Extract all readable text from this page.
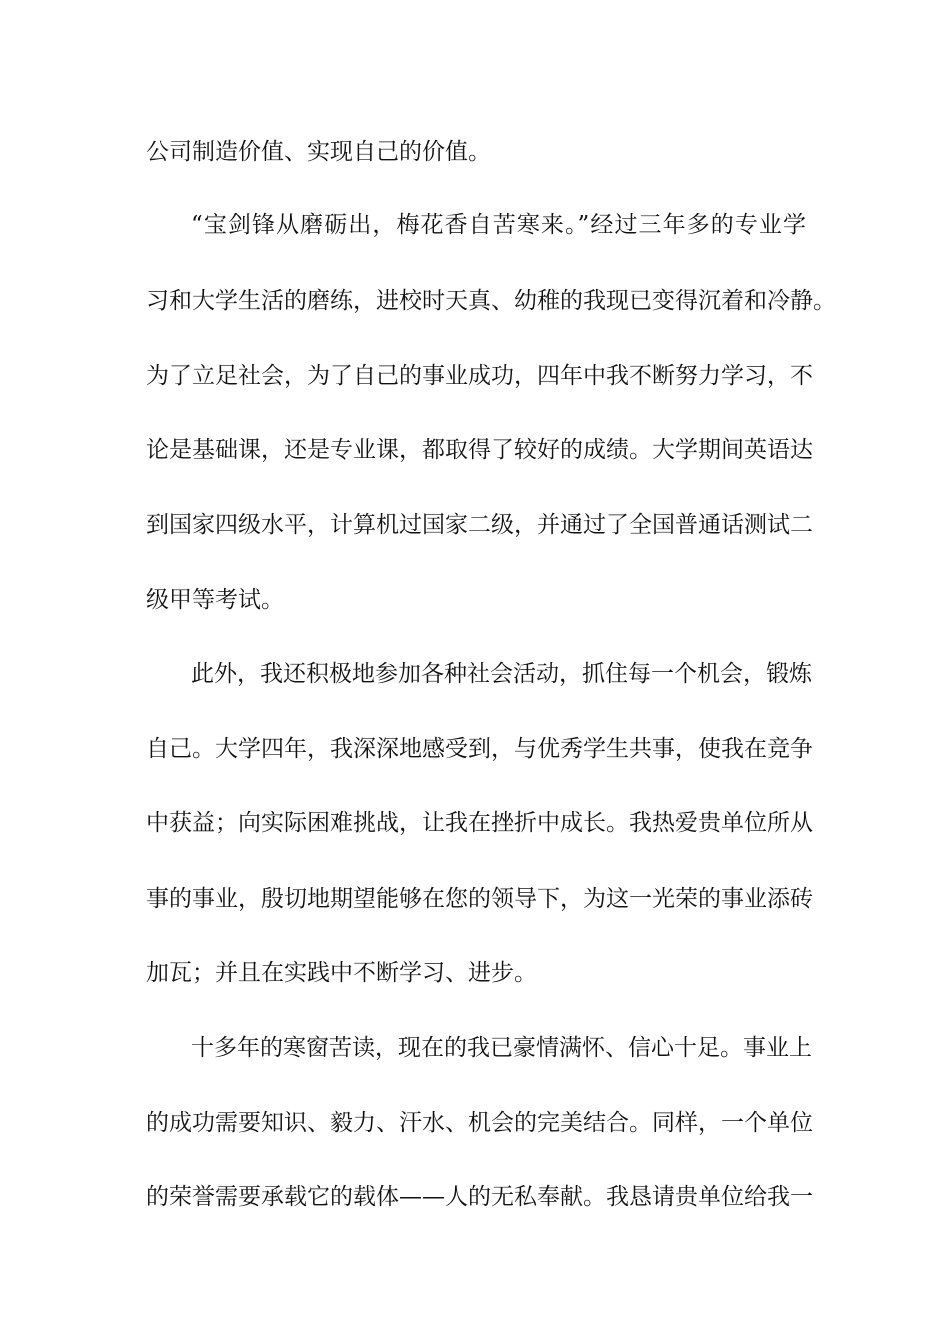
公司制造价值、实现自己的价值。
“宝剑锋从磨砺出，梅花香自苦寒来。”经过三年多的专业学
习和大学生活的磨练，进校时天真、幼稚的我现已变得沉着和冷静。
为了立足社会，为了自己的事业成功，四年中我不断努力学习，不
论是基础课，还是专业课，都取得了较好的成绩。大学期间英语达
到国家四级水平，计算机过国家二级，并通过了全国普通话测试二
级甲等考试。
此外，我还积极地参加各种社会活动，抓住每一个机会，锻炼
自己。大学四年，我深深地感受到，与优秀学生共事，使我在竞争
中获益；向实际困难挑战，让我在挫折中成长。我热爱贵单位所从
事的事业，殷切地期望能够在您的领导下，为这一光荣的事业添砖
加瓦；并且在实践中不断学习、进步。
十多年的寒窗苦读，现在的我已豪情满怀、信心十足。事业上
的成功需要知识、毅力、汗水、机会的完美结合。同样，一个单位
的荣誉需要承载它的载体——人的无私奉献。我恳请贵单位给我一
